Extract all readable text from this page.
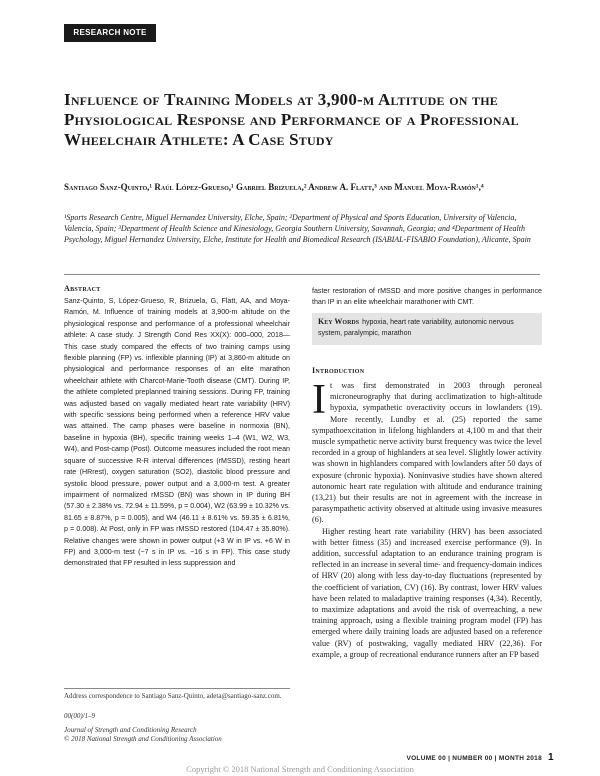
RESEARCH NOTE
Influence of Training Models at 3,900-m Altitude on the Physiological Response and Performance of a Professional Wheelchair Athlete: A Case Study
Santiago Sanz-Quinto,¹ Raúl López-Grueso,¹ Gabriel Brizuela,² Andrew A. Flatt,³ and Manuel Moya-Ramón¹,⁴
¹Sports Research Centre, Miguel Hernandez University, Elche, Spain; ²Department of Physical and Sports Education, University of Valencia, Valencia, Spain; ³Department of Health Science and Kinesiology, Georgia Southern University, Savannah, Georgia; and ⁴Department of Health Psychology, Miguel Hernandez University, Elche, Institute for Health and Biomedical Research (ISABIAL-FISABIO Foundation), Alicante, Spain
Abstract

Sanz-Quinto, S, López-Grueso, R, Brizuela, G, Flatt, AA, and Moya-Ramón, M. Influence of training models at 3,900-m altitude on the physiological response and performance of a professional wheelchair athlete: A case study. J Strength Cond Res XX(X): 000–000, 2018—This case study compared the effects of two training camps using flexible planning (FP) vs. inflexible planning (IP) at 3,860-m altitude on physiological and performance responses of an elite marathon wheelchair athlete with Charcot-Marie-Tooth disease (CMT). During IP, the athlete completed preplanned training sessions. During FP, training was adjusted based on vagally mediated heart rate variability (HRV) with specific sessions being performed when a reference HRV value was attained. The camp phases were baseline in normoxia (BN), baseline in hypoxia (BH), specific training weeks 1–4 (W1, W2, W3, W4), and Post-camp (Post). Outcome measures included the root mean square of successive R-R interval differences (rMSSD), resting heart rate (HRrest), oxygen saturation (SO2), diastolic blood pressure and systolic blood pressure, power output and a 3,000-m test. A greater impairment of normalized rMSSD (BN) was shown in IP during BH (57.30 ± 2.38% vs. 72.94 ± 11.59%, p = 0.004), W2 (63.99 ± 10.32% vs. 81.65 ± 8.87%, p = 0.005), and W4 (46.11 ± 8.61% vs. 59.35 ± 6.81%, p = 0.008). At Post, only in FP was rMSSD restored (104.47 ± 35.80%). Relative changes were shown in power output (+3 W in IP vs. +6 W in FP) and 3,000-m test (−7 s in IP vs. −16 s in FP). This case study demonstrated that FP resulted in less suppression and

faster restoration of rMSSD and more positive changes in performance than IP in an elite wheelchair marathoner with CMT.

Key Words hypoxia, heart rate variability, autonomic nervous system, paralympic, marathon
Introduction

It was first demonstrated in 2003 through peroneal microneurography that during acclimatization to high-altitude hypoxia, sympathetic overactivity occurs in lowlanders (19). More recently, Lundby et al. (25) reported the same sympathoexcitation in lifelong highlanders at 4,100 m and that their muscle sympathetic nerve activity burst frequency was twice the level recorded in a group of highlanders at sea level. Slightly lower activity was shown in highlanders compared with lowlanders after 50 days of exposure (chronic hypoxia). Noninvasive studies have shown altered autonomic heart rate regulation with altitude and endurance training (13,21) but their results are not in agreement with the increase in parasympathetic activity observed at altitude using invasive measures (6).

Higher resting heart rate variability (HRV) has been associated with better fitness (35) and increased exercise performance (9). In addition, successful adaptation to an endurance training program is reflected in an increase in several time- and frequency-domain indices of HRV (20) along with less day-to-day fluctuations (represented by the coefficient of variation, CV) (16). By contrast, lower HRV values have been related to maladaptive training responses (4,34). Recently, to maximize adaptations and avoid the risk of overreaching, a new training approach, using a flexible training program model (FP) has emerged where daily training loads are adjusted based on a reference value (RV) of postwaking, vagally mediated HRV (22,36). For example, a group of recreational endurance runners after an FP based

Address correspondence to Santiago Sanz-Quinto, adeta@santiago-sanz.com.
00(00)/1–9
Journal of Strength and Conditioning Research
© 2018 National Strength and Conditioning Association
VOLUME 00 | NUMBER 00 | MONTH 2018 1
Copyright © 2018 National Strength and Conditioning Association
